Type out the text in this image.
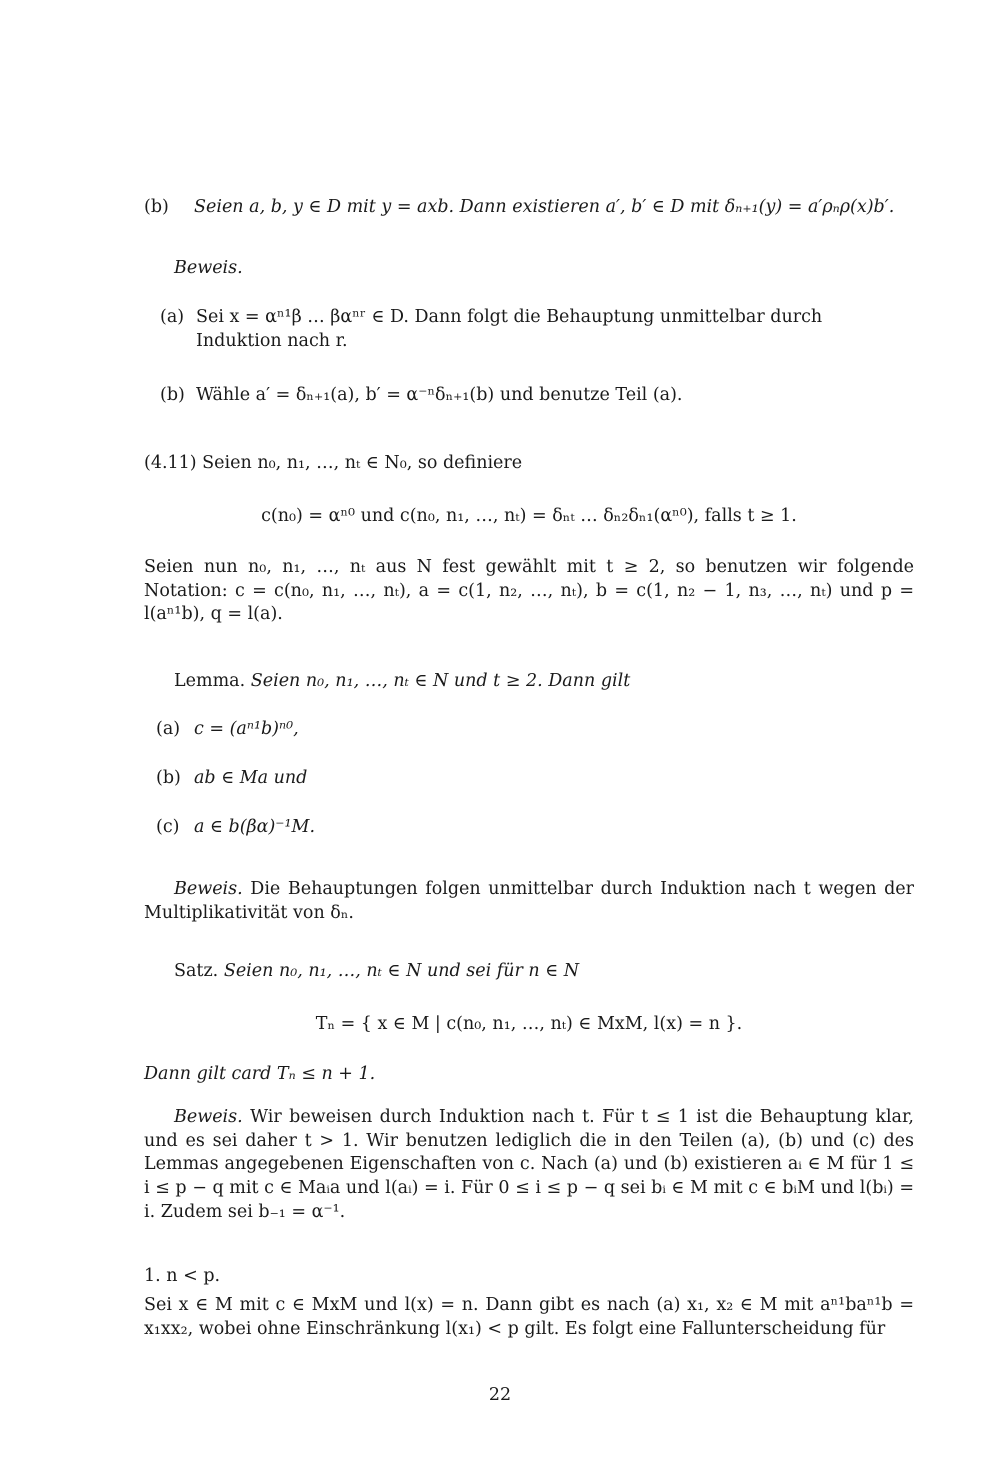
(b) Seien a, b, y ∈ D mit y = axb. Dann existieren a′, b′ ∈ D mit δₙ₊₁(y) = a′ρₙρ(x)b′.
Beweis.
(a) Sei x = αⁿ¹β … βαⁿʳ ∈ D. Dann folgt die Behauptung unmittelbar durch Induktion nach r.
(b) Wähle a′ = δₙ₊₁(a), b′ = α⁻ⁿδₙ₊₁(b) und benutze Teil (a).
(4.11) Seien n₀, n₁, …, nₜ ∈ N₀, so definiere
c(n₀) = αⁿ⁰ und c(n₀, n₁, …, nₜ) = δₙₜ … δₙ₂δₙ₁(αⁿ⁰), falls t ≥ 1.
Seien nun n₀, n₁, …, nₜ aus N fest gewählt mit t ≥ 2, so benutzen wir folgende Notation: c = c(n₀, n₁, …, nₜ), a = c(1, n₂, …, nₜ), b = c(1, n₂ − 1, n₃, …, nₜ) und p = l(aⁿ¹b), q = l(a).
Lemma. Seien n₀, n₁, …, nₜ ∈ N und t ≥ 2. Dann gilt
(a) c = (aⁿ¹b)ⁿ⁰,
(b) ab ∈ Ma und
(c) a ∈ b(βα)⁻¹M.
Beweis. Die Behauptungen folgen unmittelbar durch Induktion nach t wegen der Multiplikativität von δₙ.
Satz. Seien n₀, n₁, …, nₜ ∈ N und sei für n ∈ N
Tₙ = { x ∈ M | c(n₀, n₁, …, nₜ) ∈ MxM, l(x) = n }.
Dann gilt card Tₙ ≤ n + 1.
Beweis. Wir beweisen durch Induktion nach t. Für t ≤ 1 ist die Behauptung klar, und es sei daher t > 1. Wir benutzen lediglich die in den Teilen (a), (b) und (c) des Lemmas angegebenen Eigenschaften von c. Nach (a) und (b) existieren aᵢ ∈ M für 1 ≤ i ≤ p − q mit c ∈ Maᵢa und l(aᵢ) = i. Für 0 ≤ i ≤ p − q sei bᵢ ∈ M mit c ∈ bᵢM und l(bᵢ) = i. Zudem sei b₋₁ = α⁻¹.
1. n < p.
Sei x ∈ M mit c ∈ MxM und l(x) = n. Dann gibt es nach (a) x₁, x₂ ∈ M mit aⁿ¹baⁿ¹b = x₁xx₂, wobei ohne Einschränkung l(x₁) < p gilt. Es folgt eine Fallunterscheidung für
22
